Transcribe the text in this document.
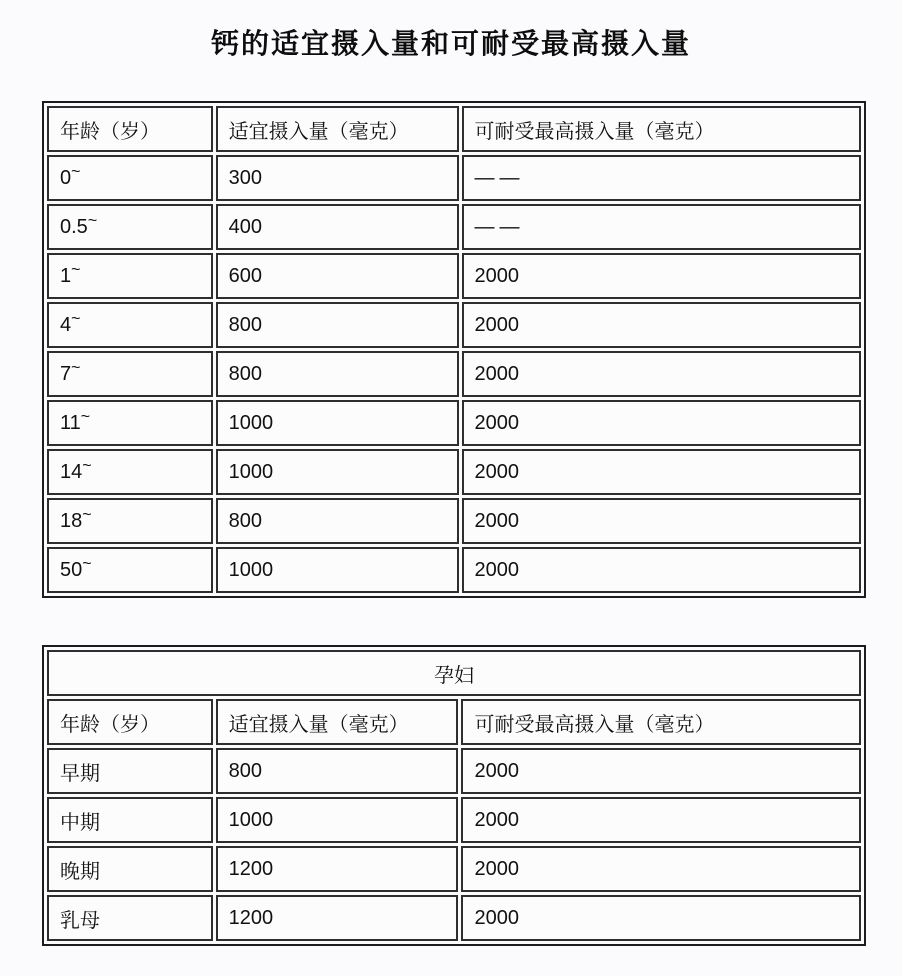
钙的适宜摄入量和可耐受最高摄入量
年龄（岁）	适宜摄入量（毫克）	可耐受最高摄入量（毫克）
0~	300	——
0.5~	400	——
1~	600	2000
4~	800	2000
7~	800	2000
11~	1000	2000
14~	1000	2000
18~	800	2000
50~	1000	2000
孕妇		
年龄（岁）	适宜摄入量（毫克）	可耐受最高摄入量（毫克）
早期	800	2000
中期	1000	2000
晚期	1200	2000
乳母	1200	2000
